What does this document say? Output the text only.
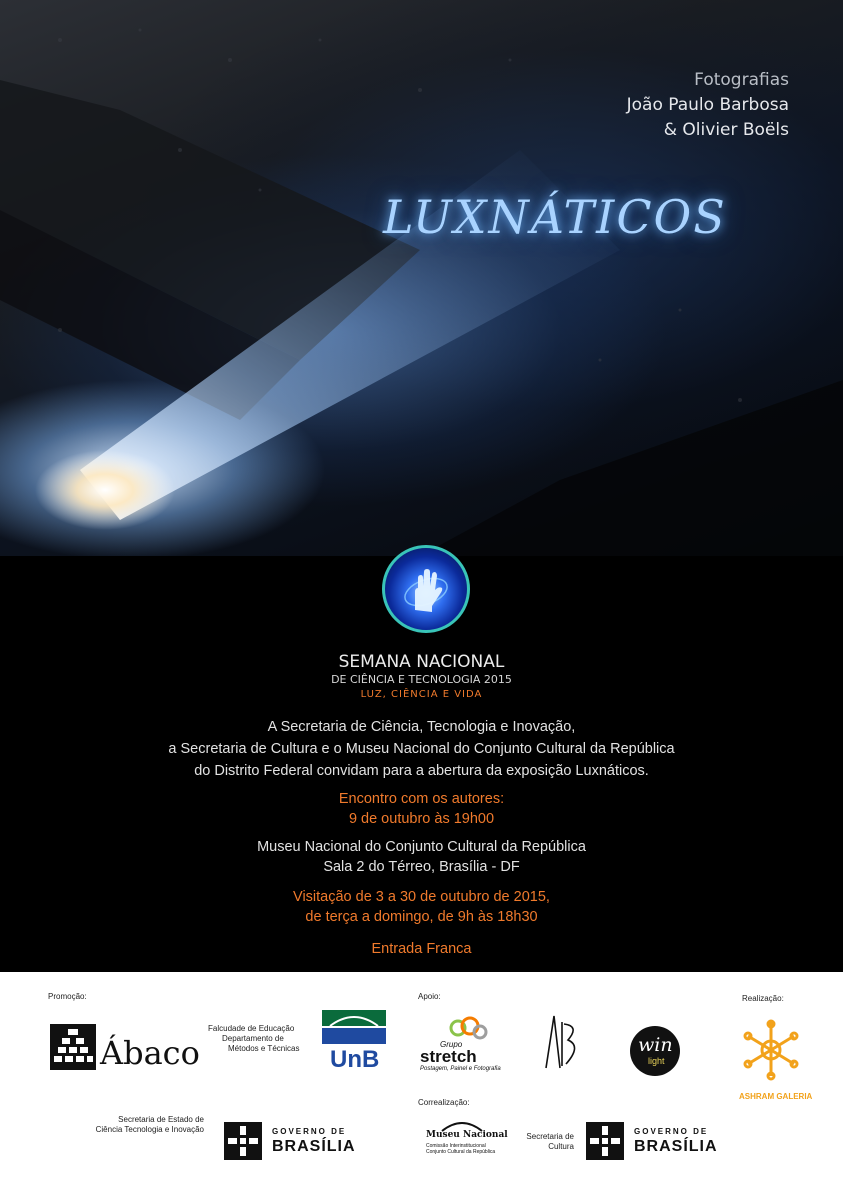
Fotografias
João Paulo Barbosa
& Olivier Boëls
LUXNÁTICOS
SEMANA NACIONAL
DE CIÊNCIA E TECNOLOGIA 2015
LUZ, CIÊNCIA E VIDA
A Secretaria de Ciência, Tecnologia e Inovação,
a Secretaria de Cultura e o Museu Nacional do Conjunto Cultural da República
do Distrito Federal convidam para a abertura da exposição Luxnáticos.
Encontro com os autores:
9 de outubro às 19h00
Museu Nacional do Conjunto Cultural da República
Sala 2 do Térreo, Brasília - DF
Visitação de 3 a 30 de outubro de 2015,
de terça a domingo, de 9h às 18h30
Entrada Franca
Promoção:	Apoio:	Realização:
Correalização:
Ábaco
Falcudade de Educação
Departamento de
Métodos e Técnicas UnB
Grupo
stretch
Postagem, Painel e Fotografia
win
light
ASHRAM GALERIA
Secretaria de Estado de
Ciência Tecnologia e Inovação	GOVERNO DE
BRASÍLIA
Museu Nacional
Comissão Interinstitucional
Conjunto Cultural da República
Secretaria de
Cultura
GOVERNO DE
BRASÍLIA
